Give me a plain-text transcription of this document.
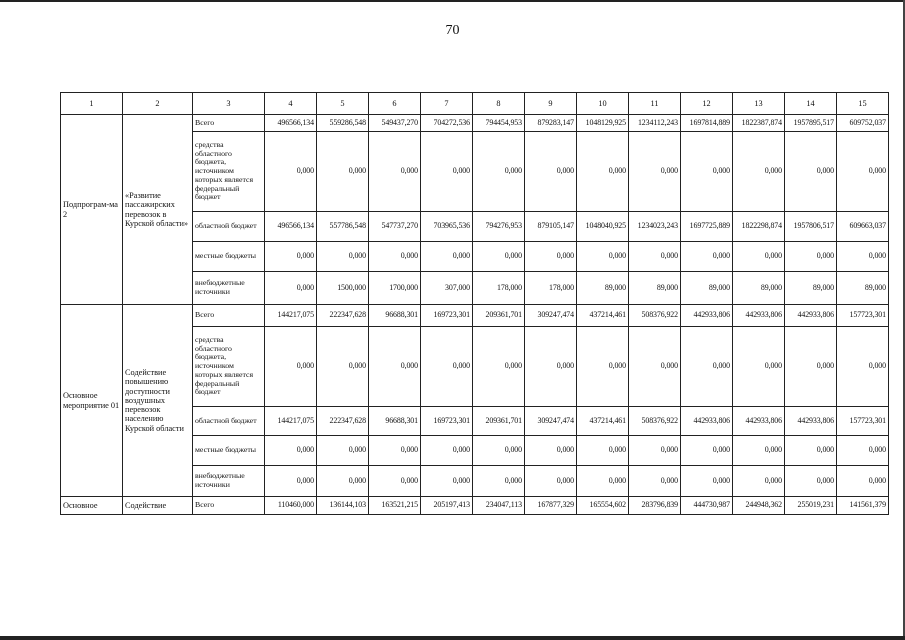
70
1	2	3	4	5	6	7	8	9	10	11	12	13	14	15
Подпрограм-ма 2	«Развитие пассажирских перевозок в Курской области»	Всего	496566,134	559286,548	549437,270	704272,536	794454,953	879283,147	1048129,925	1234112,243	1697814,889	1822387,874	1957895,517	609752,037
		средства областного бюджета, источником которых является федеральный бюджет	0,000	0,000	0,000	0,000	0,000	0,000	0,000	0,000	0,000	0,000	0,000	0,000
		областной бюджет	496566,134	557786,548	547737,270	703965,536	794276,953	879105,147	1048040,925	1234023,243	1697725,889	1822298,874	1957806,517	609663,037
		местные бюджеты	0,000	0,000	0,000	0,000	0,000	0,000	0,000	0,000	0,000	0,000	0,000	0,000
		внебюджетные источники	0,000	1500,000	1700,000	307,000	178,000	178,000	89,000	89,000	89,000	89,000	89,000	89,000
Основное мероприятие 01	Содействие повышению доступности воздушных перевозок населению Курской области	Всего	144217,075	222347,628	96688,301	169723,301	209361,701	309247,474	437214,461	508376,922	442933,806	442933,806	442933,806	157723,301
		средства областного бюджета, источником которых является федеральный бюджет	0,000	0,000	0,000	0,000	0,000	0,000	0,000	0,000	0,000	0,000	0,000	0,000
		областной бюджет	144217,075	222347,628	96688,301	169723,301	209361,701	309247,474	437214,461	508376,922	442933,806	442933,806	442933,806	157723,301
		местные бюджеты	0,000	0,000	0,000	0,000	0,000	0,000	0,000	0,000	0,000	0,000	0,000	0,000
		внебюджетные источники	0,000	0,000	0,000	0,000	0,000	0,000	0,000	0,000	0,000	0,000	0,000	0,000
Основное	Содействие	Всего	110460,000	136144,103	163521,215	205197,413	234047,113	167877,329	165554,602	283796,839	444730,987	244948,362	255019,231	141561,379
